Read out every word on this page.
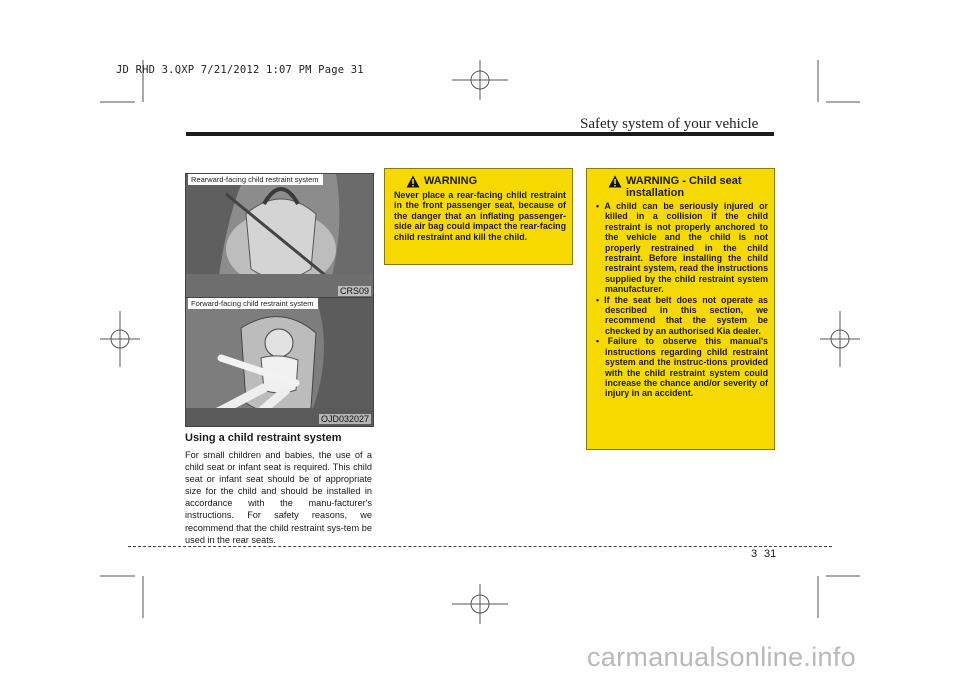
JD RHD 3.QXP 7/21/2012 1:07 PM Page 31
Safety system of your vehicle
Rearward-facing child restraint system
CRS09
Forward-facing child restraint system
OJD032027
Using a child restraint system
For small children and babies, the use of a child seat or infant seat is required. This child seat or infant seat should be of appropriate size for the child and should be installed in accordance with the manu-facturer's instructions. For safety reasons, we recommend that the child restraint sys-tem be used in the rear seats.
WARNING
Never place a rear-facing child restraint in the front passenger seat, because of the danger that an inflating passenger-side air bag could impact the rear-facing child restraint and kill the child.
WARNING - Child seat installation
• A child can be seriously injured or killed in a collision if the child restraint is not properly anchored to the vehicle and the child is not properly restrained in the child restraint. Before installing the child restraint system, read the instructions supplied by the child restraint system manufacturer.
• If the seat belt does not operate as described in this section, we recommend that the system be checked by an authorised Kia dealer.
• Failure to observe this manual's instructions regarding child restraint system and the instruc-tions provided with the child restraint system could increase the chance and/or severity of injury in an accident.
3 31
carmanualsonline.info
